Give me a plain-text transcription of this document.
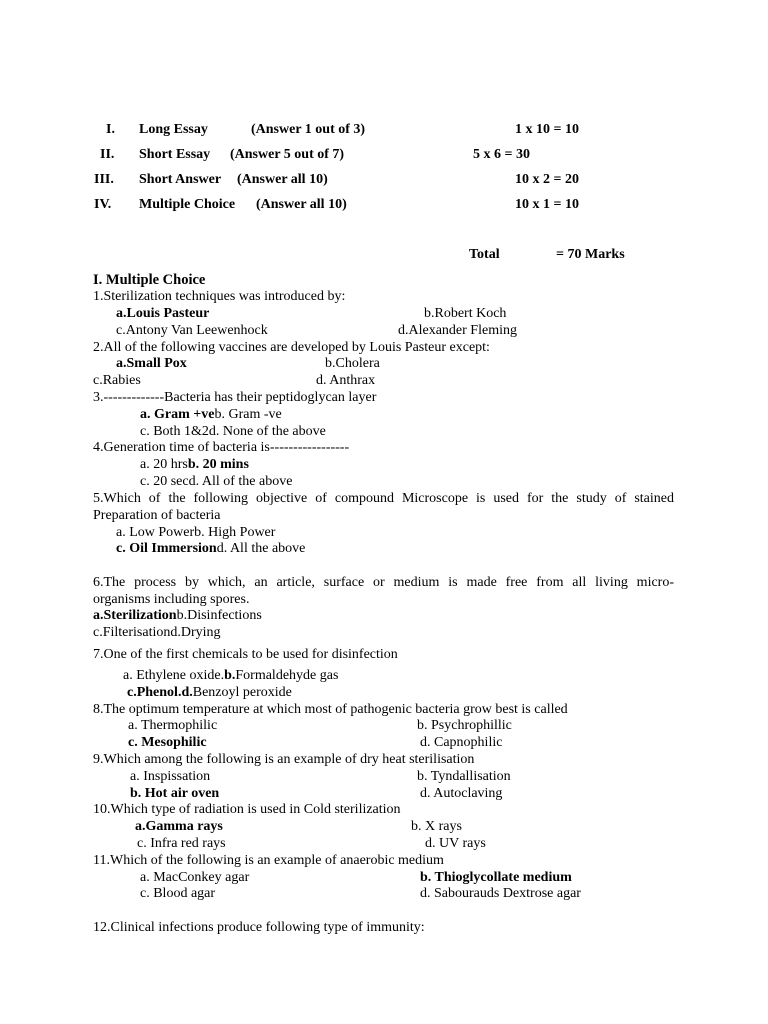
I. Long Essay	(Answer 1 out of 3)	1 x 10 = 10
II. Short Essay (Answer 5 out of 7)	5 x 6 = 30
III. Short Answer (Answer all 10)	10 x 2 = 20
IV. Multiple Choice (Answer all 10)	10 x 1 = 10
Total	= 70 Marks
I. Multiple Choice
1.Sterilization techniques was introduced by:
a.Louis Pasteur	b.Robert Koch
c.Antony Van Leewenhock	d.Alexander Fleming
2.All of the following vaccines are developed by Louis Pasteur except:
a.Small Pox	b.Cholera
c.Rabies	d. Anthrax
3.-------------Bacteria has their peptidoglycan layer
a. Gram +veb. Gram -ve
c. Both 1&2d. None of the above
4.Generation time of bacteria is-----------------
a. 20 hrsb. 20 mins
c. 20 secd. All of the above
5.Which of the following objective of compound Microscope is used for the study of stained
Preparation of bacteria
a. Low Powerb. High Power
c. Oil Immersiond. All the above
6.The process by which, an article, surface or medium is made free from all living micro-
organisms including spores.
a.Sterilizationb.Disinfections
c.Filterisationd.Drying
7.One of the first chemicals to be used for disinfection
a. Ethylene oxide.b.Formaldehyde gas
c.Phenol.d.Benzoyl peroxide
8.The optimum temperature at which most of pathogenic bacteria grow best is called
a. Thermophilic	b. Psychrophillic
c. Mesophilic	d. Capnophilic
9.Which among the following is an example of dry heat sterilisation
a. Inspissation	b. Tyndallisation
b. Hot air oven	d. Autoclaving
10.Which type of radiation is used in Cold sterilization
a.Gamma rays	b. X rays
c. Infra red rays	d. UV rays
11.Which of the following is an example of anaerobic medium
a. MacConkey agar	b. Thioglycollate medium
c. Blood agar	d. Sabourauds Dextrose agar
12.Clinical infections produce following type of immunity:
